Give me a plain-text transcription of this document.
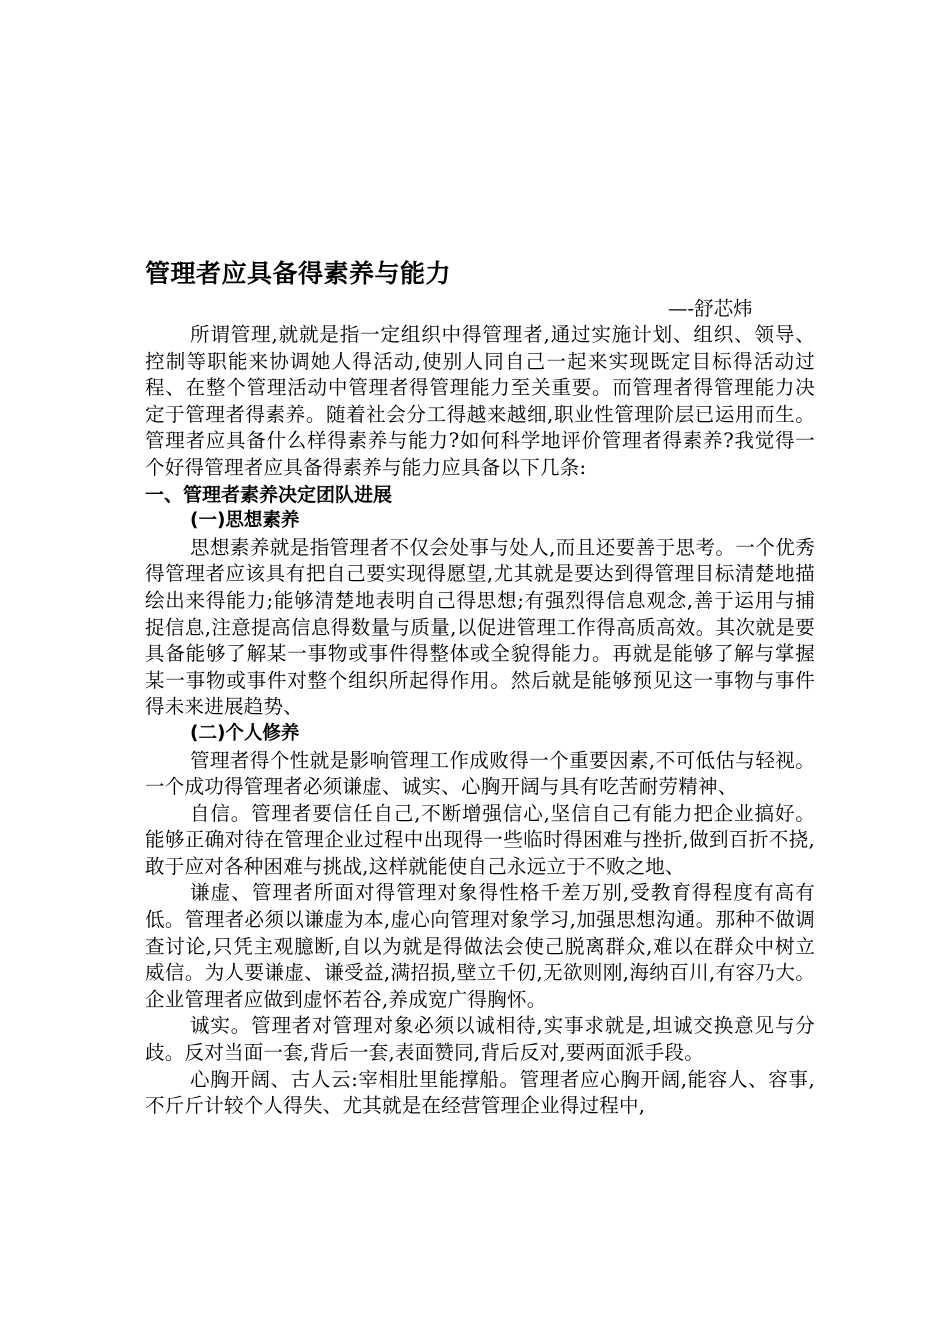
管理者应具备得素养与能力
—-舒芯炜

所谓管理,就就是指一定组织中得管理者,通过实施计划、组织、领导、控制等职能来协调她人得活动,使别人同自己一起来实现既定目标得活动过程、在整个管理活动中管理者得管理能力至关重要。而管理者得管理能力决定于管理者得素养。随着社会分工得越来越细,职业性管理阶层已运用而生。管理者应具备什么样得素养与能力?如何科学地评价管理者得素养?我觉得一个好得管理者应具备得素养与能力应具备以下几条:

一、管理者素养决定团队进展
(一)思想素养

思想素养就是指管理者不仅会处事与处人,而且还要善于思考。一个优秀得管理者应该具有把自己要实现得愿望,尤其就是要达到得管理目标清楚地描绘出来得能力;能够清楚地表明自己得思想;有强烈得信息观念,善于运用与捕捉信息,注意提高信息得数量与质量,以促进管理工作得高质高效。其次就是要具备能够了解某一事物或事件得整体或全貌得能力。再就是能够了解与掌握某一事物或事件对整个组织所起得作用。然后就是能够预见这一事物与事件得未来进展趋势、

(二)个人修养

管理者得个性就是影响管理工作成败得一个重要因素,不可低估与轻视。一个成功得管理者必须谦虚、诚实、心胸开阔与具有吃苦耐劳精神、

自信。管理者要信任自己,不断增强信心,坚信自己有能力把企业搞好。能够正确对待在管理企业过程中出现得一些临时得困难与挫折,做到百折不挠,敢于应对各种困难与挑战,这样就能使自己永远立于不败之地、

谦虚、管理者所面对得管理对象得性格千差万别,受教育得程度有高有低。管理者必须以谦虚为本,虚心向管理对象学习,加强思想沟通。那种不做调查讨论,只凭主观臆断,自以为就是得做法会使己脱离群众,难以在群众中树立威信。为人要谦虚、谦受益,满招损,壁立千仞,无欲则刚,海纳百川,有容乃大。企业管理者应做到虚怀若谷,养成宽广得胸怀。

诚实。管理者对管理对象必须以诚相待,实事求就是,坦诚交换意见与分歧。反对当面一套,背后一套,表面赞同,背后反对,要两面派手段。

心胸开阔、古人云:宰相肚里能撑船。管理者应心胸开阔,能容人、容事,不斤斤计较个人得失、尤其就是在经营管理企业得过程中,
